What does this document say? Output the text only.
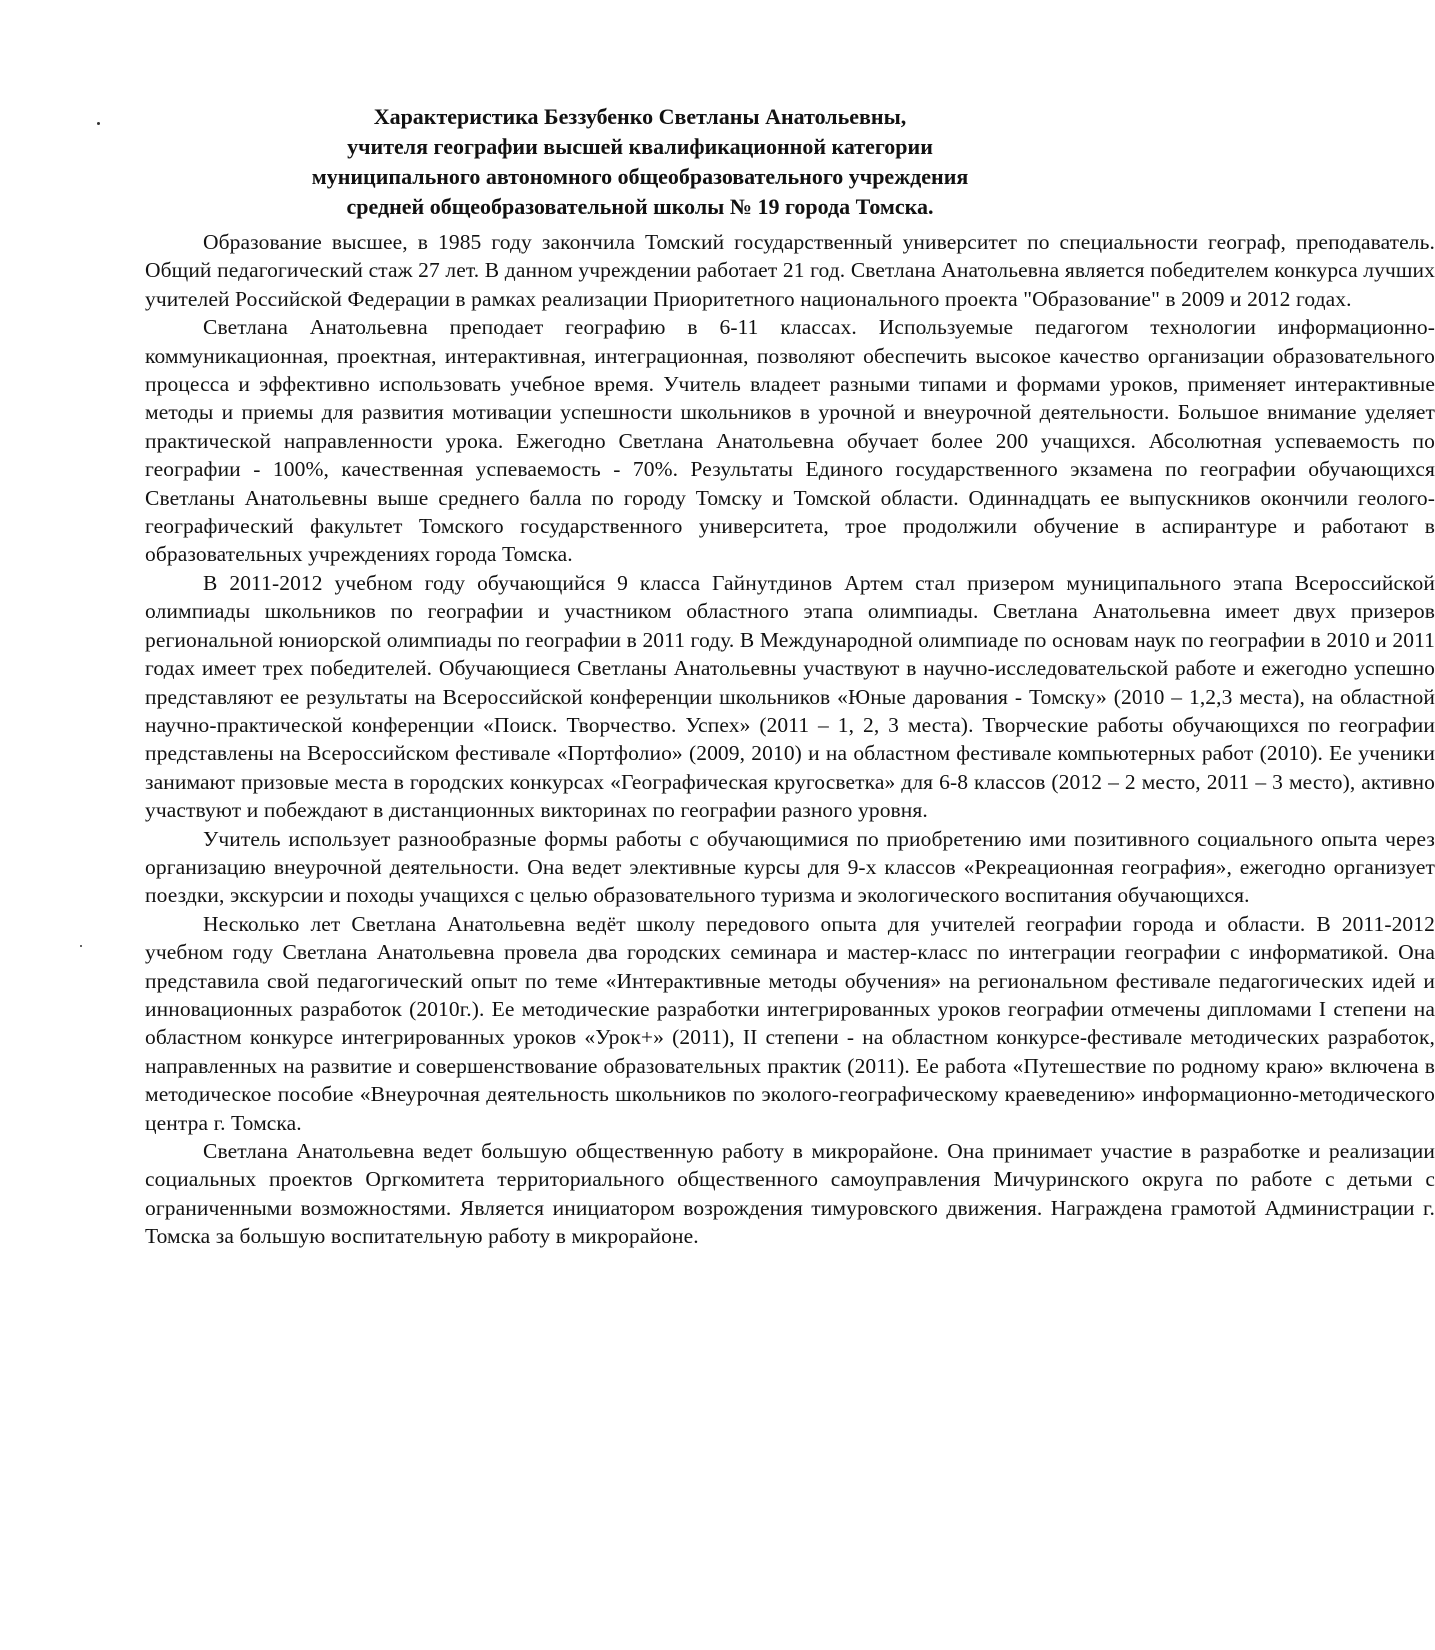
Характеристика Беззубенко Светланы Анатольевны,
учителя географии высшей квалификационной категории
муниципального автономного общеобразовательного учреждения
средней общеобразовательной школы № 19 города Томска.

Образование высшее, в 1985 году закончила Томский государственный университет по специальности географ, преподаватель. Общий педагогический стаж 27 лет. В данном учреждении работает 21 год. Светлана Анатольевна является победителем конкурса лучших учителей Российской Федерации в рамках реализации Приоритетного национального проекта "Образование" в 2009 и 2012 годах.

Светлана Анатольевна преподает географию в 6-11 классах. Используемые педагогом технологии информационно-коммуникационная, проектная, интерактивная, интеграционная, позволяют обеспечить высокое качество организации образовательного процесса и эффективно использовать учебное время. Учитель владеет разными типами и формами уроков, применяет интерактивные методы и приемы для развития мотивации успешности школьников в урочной и внеурочной деятельности. Большое внимание уделяет практической направленности урока. Ежегодно Светлана Анатольевна обучает более 200 учащихся. Абсолютная успеваемость по географии - 100%, качественная успеваемость - 70%. Результаты Единого государственного экзамена по географии обучающихся Светланы Анатольевны выше среднего балла по городу Томску и Томской области. Одиннадцать ее выпускников окончили геолого-географический факультет Томского государственного университета, трое продолжили обучение в аспирантуре и работают в образовательных учреждениях города Томска.

В 2011-2012 учебном году обучающийся 9 класса Гайнутдинов Артем стал призером муниципального этапа Всероссийской олимпиады школьников по географии и участником областного этапа олимпиады. Светлана Анатольевна имеет двух призеров региональной юниорской олимпиады по географии в 2011 году. В Международной олимпиаде по основам наук по географии в 2010 и 2011 годах имеет трех победителей. Обучающиеся Светланы Анатольевны участвуют в научно-исследовательской работе и ежегодно успешно представляют ее результаты на Всероссийской конференции школьников «Юные дарования - Томску» (2010 – 1,2,3 места), на областной научно-практической конференции «Поиск. Творчество. Успех» (2011 – 1, 2, 3 места). Творческие работы обучающихся по географии представлены на Всероссийском фестивале «Портфолио» (2009, 2010) и на областном фестивале компьютерных работ (2010). Ее ученики занимают призовые места в городских конкурсах «Географическая кругосветка» для 6-8 классов (2012 – 2 место, 2011 – 3 место), активно участвуют и побеждают в дистанционных викторинах по географии разного уровня.

Учитель использует разнообразные формы работы с обучающимися по приобретению ими позитивного социального опыта через организацию внеурочной деятельности. Она ведет элективные курсы для 9-х классов «Рекреационная география», ежегодно организует поездки, экскурсии и походы учащихся с целью образовательного туризма и экологического воспитания обучающихся.

Несколько лет Светлана Анатольевна ведёт школу передового опыта для учителей географии города и области. В 2011-2012 учебном году Светлана Анатольевна провела два городских семинара и мастер-класс по интеграции географии с информатикой. Она представила свой педагогический опыт по теме «Интерактивные методы обучения» на региональном фестивале педагогических идей и инновационных разработок (2010г.). Ее методические разработки интегрированных уроков географии отмечены дипломами I степени на областном конкурсе интегрированных уроков «Урок+» (2011), II степени - на областном конкурсе-фестивале методических разработок, направленных на развитие и совершенствование образовательных практик (2011). Ее работа «Путешествие по родному краю» включена в методическое пособие «Внеурочная деятельность школьников по эколого-географическому краеведению» информационно-методического центра г. Томска.

Светлана Анатольевна ведет большую общественную работу в микрорайоне. Она принимает участие в разработке и реализации социальных проектов Оргкомитета территориального общественного самоуправления Мичуринского округа по работе с детьми с ограниченными возможностями. Является инициатором возрождения тимуровского движения. Награждена грамотой Администрации г. Томска за большую воспитательную работу в микрорайоне.
